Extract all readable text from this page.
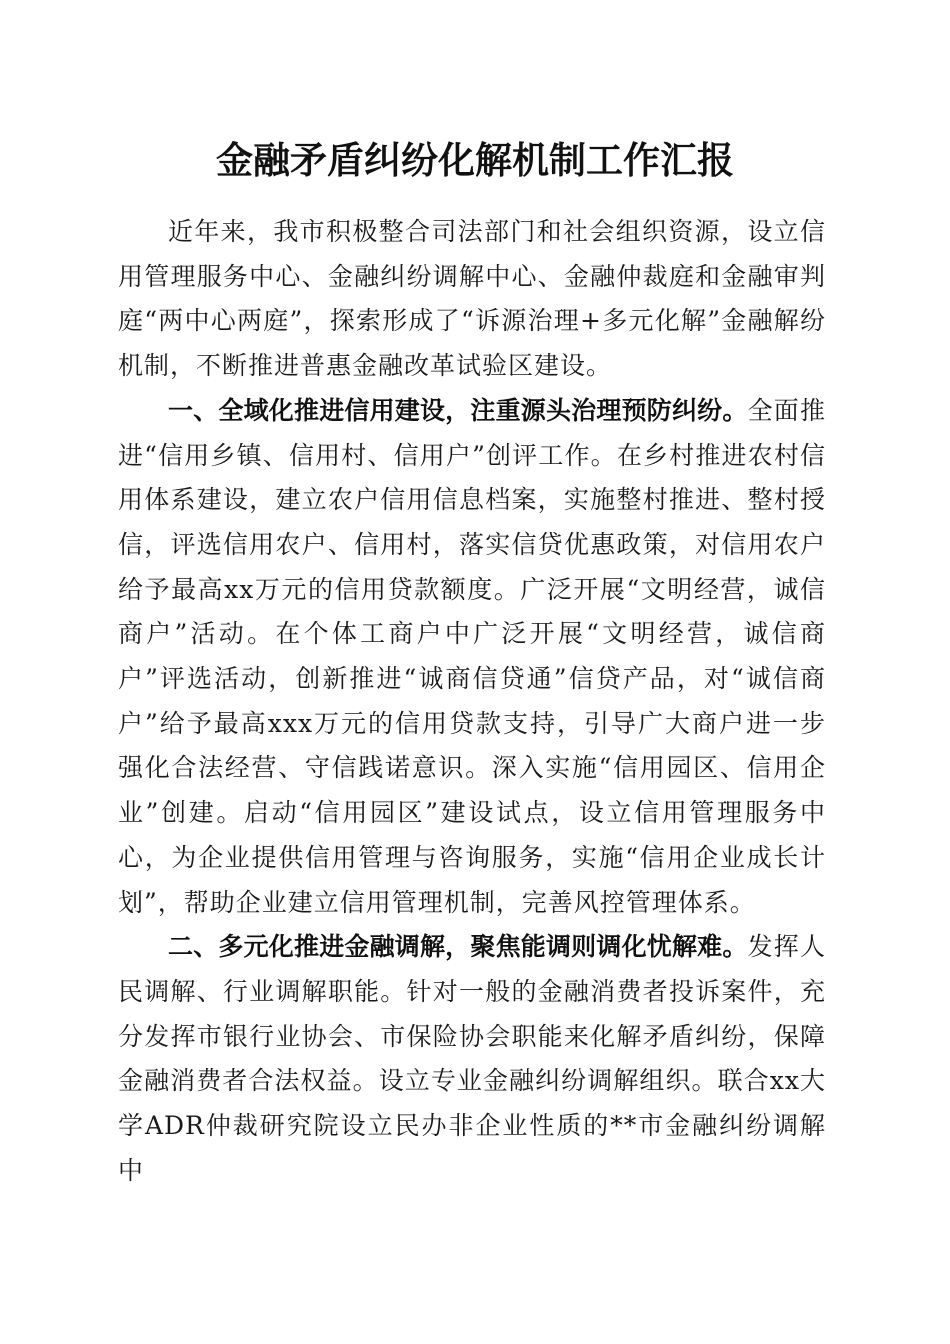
金融矛盾纠纷化解机制工作汇报

近年来，我市积极整合司法部门和社会组织资源，设立信用管理服务中心、金融纠纷调解中心、金融仲裁庭和金融审判庭“两中心两庭”，探索形成了“诉源治理+多元化解”金融解纷机制，不断推进普惠金融改革试验区建设。

一、全域化推进信用建设，注重源头治理预防纠纷。全面推进“信用乡镇、信用村、信用户”创评工作。在乡村推进农村信用体系建设，建立农户信用信息档案，实施整村推进、整村授信，评选信用农户、信用村，落实信贷优惠政策，对信用农户给予最高xx万元的信用贷款额度。广泛开展“文明经营，诚信商户”活动。在个体工商户中广泛开展“文明经营，诚信商户”评选活动，创新推进“诚商信贷通”信贷产品，对“诚信商户”给予最高xxx万元的信用贷款支持，引导广大商户进一步强化合法经营、守信践诺意识。深入实施“信用园区、信用企业”创建。启动“信用园区”建设试点，设立信用管理服务中心，为企业提供信用管理与咨询服务，实施“信用企业成长计划”，帮助企业建立信用管理机制，完善风控管理体系。

二、多元化推进金融调解，聚焦能调则调化忧解难。发挥人民调解、行业调解职能。针对一般的金融消费者投诉案件，充分发挥市银行业协会、市保险协会职能来化解矛盾纠纷，保障金融消费者合法权益。设立专业金融纠纷调解组织。联合xx大学ADR仲裁研究院设立民办非企业性质的**市金融纠纷调解中
